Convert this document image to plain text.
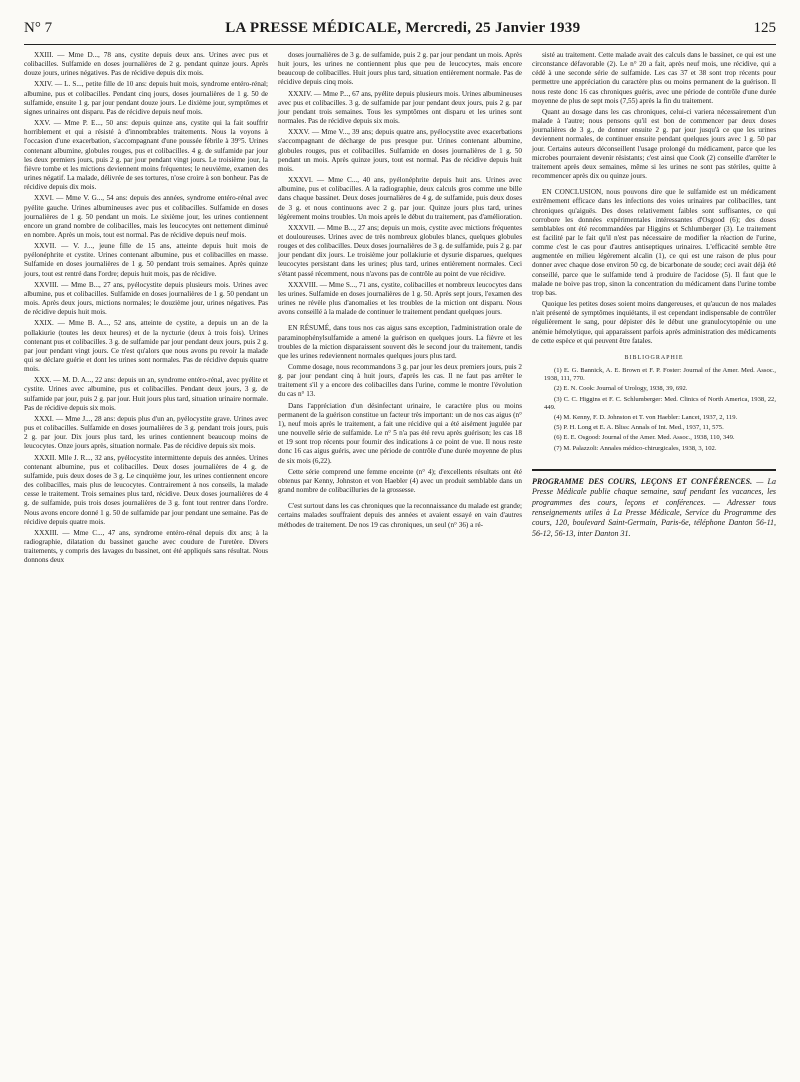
N° 7	LA PRESSE MÉDICALE, Mercredi, 25 Janvier 1939	125

XXIII. — Mme D..., 78 ans, cystite depuis deux ans. Urines avec pus et colibacilles. Sulfamide en doses journalières de 2 g. pendant quinze jours. Après douze jours, urines négatives. Pas de récidive depuis dix mois.

XXIV. — L. S..., petite fille de 10 ans: depuis huit mois, syndrome entéro-rénal; albumine, pus et colibacilles. Pendant cinq jours, doses journalières de 1 g. 50 de sulfamide, ensuite 1 g. par jour pendant douze jours. Le dixième jour, symptômes et signes urinaires ont disparu. Pas de récidive depuis neuf mois.

XXV. — Mme P. E..., 50 ans: depuis quinze ans, cystite qui la fait souffrir horriblement et qui a résisté à d'innombrables traitements. Nous la voyons à l'occasion d'une exacerbation, s'accompagnant d'une poussée fébrile à 39°5. Urines contenant albumine, globules rouges, pus et colibacilles. 4 g. de sulfamide par jour les deux premiers jours, puis 2 g. par jour pendant vingt jours. Le troisième jour, la fièvre tombe et les mictions deviennent moins fréquentes; le neuvième, examen des urines négatif. La malade, délivrée de ses tortures, n'ose croire à son bonheur. Pas de récidive depuis dix mois.

XXVI. — Mme V. G..., 54 ans: depuis des années, syndrome entéro-rénal avec pyélite gauche. Urines albumineuses avec pus et colibacilles. Sulfamide en doses journalières de 1 g. 50 pendant un mois. Le sixième jour, les urines contiennent encore un grand nombre de colibacilles, mais les leucocytes ont nettement diminué en nombre. Après un mois, tout est normal. Pas de récidive depuis neuf mois.

XXVII. — V. J..., jeune fille de 15 ans, atteinte depuis huit mois de pyélonéphrite et cystite. Urines contenant albumine, pus et colibacilles en masse. Sulfamide en doses journalières de 1 g. 50 pendant trois semaines. Après quinze jours, tout est rentré dans l'ordre; depuis huit mois, pas de récidive.

XXVIII. — Mme B..., 27 ans, pyélocystite depuis plusieurs mois. Urines avec albumine, pus et colibacilles. Sulfamide en doses journalières de 1 g. 50 pendant un mois. Après deux jours, mictions normales; le douzième jour, urines négatives. Pas de récidive depuis huit mois.

XXIX. — Mme B. A..., 52 ans, atteinte de cystite, a depuis un an de la pollakiurie (toutes les deux heures) et de la nycturie (deux à trois fois). Urines contenant pus et colibacilles. 3 g. de sulfamide par jour pendant deux jours, puis 2 g. par jour pendant vingt jours. Ce n'est qu'alors que nous avons pu revoir la malade qui se déclare guérie et dont les urines sont normales. Pas de récidive depuis quatre mois.

XXX. — M. D. A..., 22 ans: depuis un an, syndrome entéro-rénal, avec pyélite et cystite. Urines avec albumine, pus et colibacilles. Pendant deux jours, 3 g. de sulfamide par jour, puis 2 g. par jour. Huit jours plus tard, situation urinaire normale. Pas de récidive depuis six mois.

XXXI. — Mme J..., 28 ans: depuis plus d'un an, pyélocystite grave. Urines avec pus et colibacilles. Sulfamide en doses journalières de 3 g. pendant trois jours, puis 2 g. par jour. Dix jours plus tard, les urines contiennent beaucoup moins de leucocytes. Onze jours après, situation normale. Pas de récidive depuis six mois.

XXXII. Mlle J. R..., 32 ans, pyélocystite intermittente depuis des années. Urines contenant albumine, pus et colibacilles. Deux doses journalières de 4 g. de sulfamide, puis deux doses de 3 g. Le cinquième jour, les urines contiennent encore des colibacilles, mais plus de leucocytes. Contrairement à nos conseils, la malade cesse le traitement. Trois semaines plus tard, récidive. Deux doses journalières de 4 g. de sulfamide, puis trois doses journalières de 3 g. font tout rentrer dans l'ordre. Nous avons encore donné 1 g. 50 de sulfamide par jour pendant une semaine. Pas de récidive depuis quatre mois.

XXXIII. — Mme C..., 47 ans, syndrome entéro-rénal depuis dix ans; à la radiographie, dilatation du bassinet gauche avec coudure de l'uretère. Divers traitements, y compris des lavages du bassinet, ont été appliqués sans résultat. Nous donnons deux

doses journalières de 3 g. de sulfamide, puis 2 g. par jour pendant un mois. Après huit jours, les urines ne contiennent plus que peu de leucocytes, mais encore beaucoup de colibacilles. Huit jours plus tard, situation entièrement normale. Pas de récidive depuis cinq mois.

XXXIV. — Mme P..., 67 ans, pyélite depuis plusieurs mois. Urines albumineuses avec pus et colibacilles. 3 g. de sulfamide par jour pendant deux jours, puis 2 g. par jour pendant trois semaines. Tous les symptômes ont disparu et les urines sont normales. Pas de récidive depuis six mois.

XXXV. — Mme V..., 39 ans; depuis quatre ans, pyélocystite avec exacerbations s'accompagnant de décharge de pus presque pur. Urines contenant albumine, globules rouges, pus et colibacilles. Sulfamide en doses journalières de 1 g. 50 pendant un mois. Après quinze jours, tout est normal. Pas de récidive depuis huit mois.

XXXVI. — Mme C..., 40 ans, pyélonéphrite depuis huit ans. Urines avec albumine, pus et colibacilles. A la radiographie, deux calculs gros comme une bille dans chaque bassinet. Deux doses journalières de 4 g. de sulfamide, puis deux doses de 3 g. et nous continuons avec 2 g. par jour. Quinze jours plus tard, urines légèrement moins troubles. Un mois après le début du traitement, pas d'amélioration.

XXXVII. — Mme B..., 27 ans; depuis un mois, cystite avec mictions fréquentes et douloureuses. Urines avec de très nombreux globules blancs, quelques globules rouges et des colibacilles. Deux doses journalières de 3 g. de sulfamide, puis 2 g. par jour pendant dix jours. Le troisième jour pollakiurie et dysurie disparues, quelques leucocytes persistant dans les urines; plus tard, urines entièrement normales. Ceci s'étant passé récemment, nous n'avons pas de contrôle au point de vue récidive.

XXXVIII. — Mme S..., 71 ans, cystite, colibacilles et nombreux leucocytes dans les urines. Sulfamide en doses journalières de 1 g. 50. Après sept jours, l'examen des urines ne révèle plus d'anomalies et les troubles de la miction ont disparu. Nous avons conseillé à la malade de continuer le traitement pendant quelques jours.

EN RÉSUMÉ, dans tous nos cas aigus sans exception, l'administration orale de paraminophénylsulfamide a amené la guérison en quelques jours. La fièvre et les troubles de la miction disparaissent souvent dès le second jour du traitement, tandis que les urines redeviennent normales quelques jours plus tard.

Comme dosage, nous recommandons 3 g. par jour les deux premiers jours, puis 2 g. par jour pendant cinq à huit jours, d'après les cas. Il ne faut pas arrêter le traitement s'il y a encore des colibacilles dans l'urine, comme le montre l'évolution du cas n° 13.

Dans l'appréciation d'un désinfectant urinaire, le caractère plus ou moins permanent de la guérison constitue un facteur très important: un de nos cas aigus (n° 1), neuf mois après le traitement, a fait une récidive qui a été aisément jugulée par une nouvelle série de sulfamide. Le n° 5 n'a pas été revu après guérison; les cas 18 et 19 sont trop récents pour fournir des indications à ce point de vue. Il nous reste donc 16 cas aigus guéris, avec une période de contrôle d'une durée moyenne de plus de six mois (6,22).

Cette série comprend une femme enceinte (n° 4); d'excellents résultats ont été obtenus par Kenny, Johnston et von Haebler (4) avec un produit semblable dans un grand nombre de colibacilluries de la grossesse.

C'est surtout dans les cas chroniques que la reconnaissance du malade est grande; certains malades souffraient depuis des années et avaient essayé en vain d'autres méthodes de traitement. De nos 19 cas chroniques, un seul (n° 36) a ré-

sisté au traitement. Cette malade avait des calculs dans le bassinet, ce qui est une circonstance défavorable (2). Le n° 20 a fait, après neuf mois, une récidive, qui a cédé à une seconde série de sulfamide. Les cas 37 et 38 sont trop récents pour permettre une appréciation du caractère plus ou moins permanent de la guérison. Il nous reste donc 16 cas chroniques guéris, avec une période de contrôle d'une durée moyenne de plus de sept mois (7,55) après la fin du traitement.

Quant au dosage dans les cas chroniques, celui-ci variera nécessairement d'un malade à l'autre; nous pensons qu'il est bon de commencer par deux doses journalières de 3 g., de donner ensuite 2 g. par jour jusqu'à ce que les urines deviennent normales, de continuer ensuite pendant quelques jours avec 1 g. 50 par jour. Certains auteurs déconseillent l'usage prolongé du médicament, parce que les microbes pourraient devenir résistants; c'est ainsi que Cook (2) conseille d'arrêter le traitement après deux semaines, même si les urines ne sont pas stériles, quitte à recommencer après dix ou quinze jours.

EN CONCLUSION, nous pouvons dire que le sulfamide est un médicament extrêmement efficace dans les infections des voies urinaires par colibacilles, tant chroniques qu'aiguës. Des doses relativement faibles sont suffisantes, ce qui corrobore les données expérimentales intéressantes d'Osgood (6); des doses semblables ont été recommandées par Higgins et Schlumberger (3). Le traitement est facilité par le fait qu'il n'est pas nécessaire de modifier la réaction de l'urine, comme c'est le cas pour d'autres antiseptiques urinaires. L'efficacité semble être augmentée en milieu légèrement alcalin (1), ce qui est une raison de plus pour donner avec chaque dose environ 50 cg. de bicarbonate de soude; ceci avait déjà été conseillé, parce que le sulfamide tend à produire de l'acidose (5). Il faut que le malade ne boive pas trop, sinon la concentration du médicament dans l'urine tombe trop bas.

Quoique les petites doses soient moins dangereuses, et qu'aucun de nos malades n'ait présenté de symptômes inquiétants, il est cependant indispensable de contrôler régulièrement le sang, pour dépister dès le début une granulocytopénie ou une anémie hémolytique, qui apparaissent parfois après administration des médicaments de cette espèce et qui peuvent être fatales.

BIBLIOGRAPHIE

(1) E. G. Bannick, A. E. Brown et F. P. Foster: Journal of the Amer. Med. Assoc., 1938, 111, 770.

(2) E. N. Cook: Journal of Urology, 1938, 39, 692.

(3) C. C. Higgins et F. C. Schlumberger: Med. Clinics of North America, 1938, 22, 449.

(4) M. Kenny, F. D. Johnston et T. von Haebler: Lancet, 1937, 2, 119.

(5) P. H. Long et E. A. Bliss: Annals of Int. Med., 1937, 11, 575.

(6) E. E. Osgood: Journal of the Amer. Med. Assoc., 1938, 110, 349.

(7) M. Palazzoli: Annales médico-chirurgicales, 1938, 3, 102.

PROGRAMME DES COURS, LEÇONS ET CONFÉRENCES. — La Presse Médicale publie chaque semaine, sauf pendant les vacances, les programmes des cours, leçons et conférences. — Adresser tous renseignements utiles à La Presse Médicale, Service du Programme des cours, 120, boulevard Saint-Germain, Paris-6e, téléphone Danton 56-11, 56-12, 56-13, inter Danton 31.
